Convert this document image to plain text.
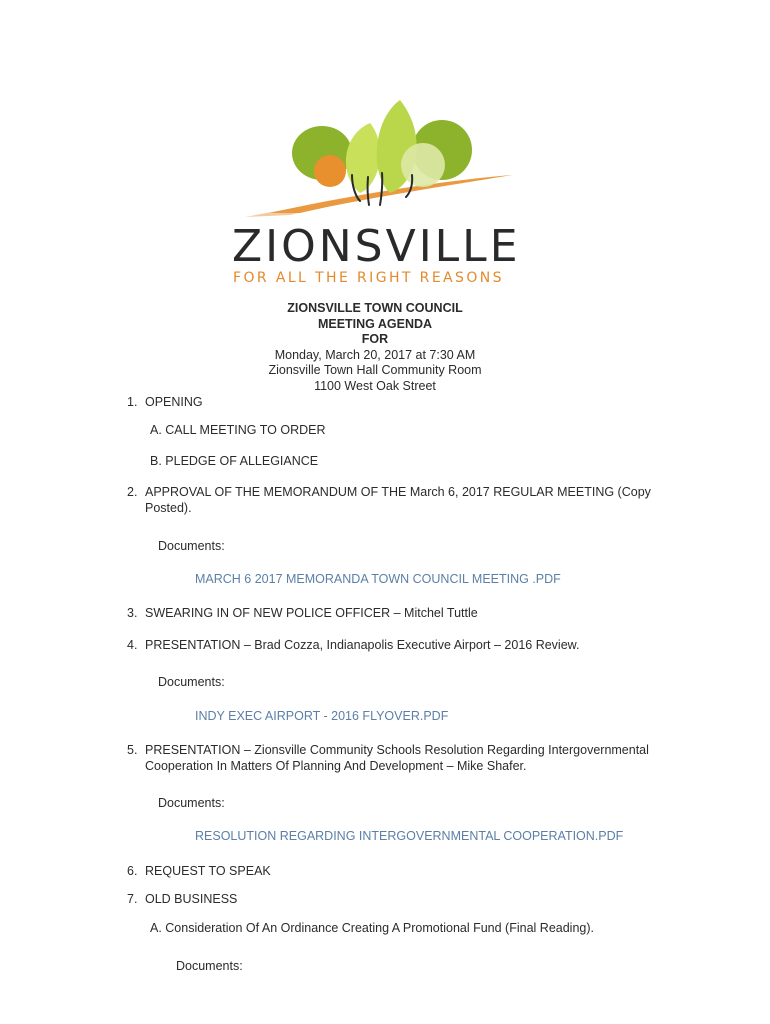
ZIONSVILLE
FOR ALL THE RIGHT REASONS
ZIONSVILLE TOWN COUNCIL
MEETING AGENDA
FOR
Monday, March 20, 2017 at 7:30 AM
Zionsville Town Hall Community Room
1100 West Oak Street
1. OPENING
A. CALL MEETING TO ORDER
B. PLEDGE OF ALLEGIANCE
2. APPROVAL OF THE MEMORANDUM OF THE March 6, 2017 REGULAR MEETING (Copy
Posted).
Documents:
MARCH 6 2017 MEMORANDA TOWN COUNCIL MEETING .PDF
3. SWEARING IN OF NEW POLICE OFFICER – Mitchel Tuttle
4. PRESENTATION – Brad Cozza, Indianapolis Executive Airport – 2016 Review.
Documents:
INDY EXEC AIRPORT - 2016 FLYOVER.PDF
5. PRESENTATION – Zionsville Community Schools Resolution Regarding Intergovernmental
Cooperation In Matters Of Planning And Development – Mike Shafer.
Documents:
RESOLUTION REGARDING INTERGOVERNMENTAL COOPERATION.PDF
6. REQUEST TO SPEAK
7. OLD BUSINESS
A. Consideration Of An Ordinance Creating A Promotional Fund (Final Reading).
Documents:
